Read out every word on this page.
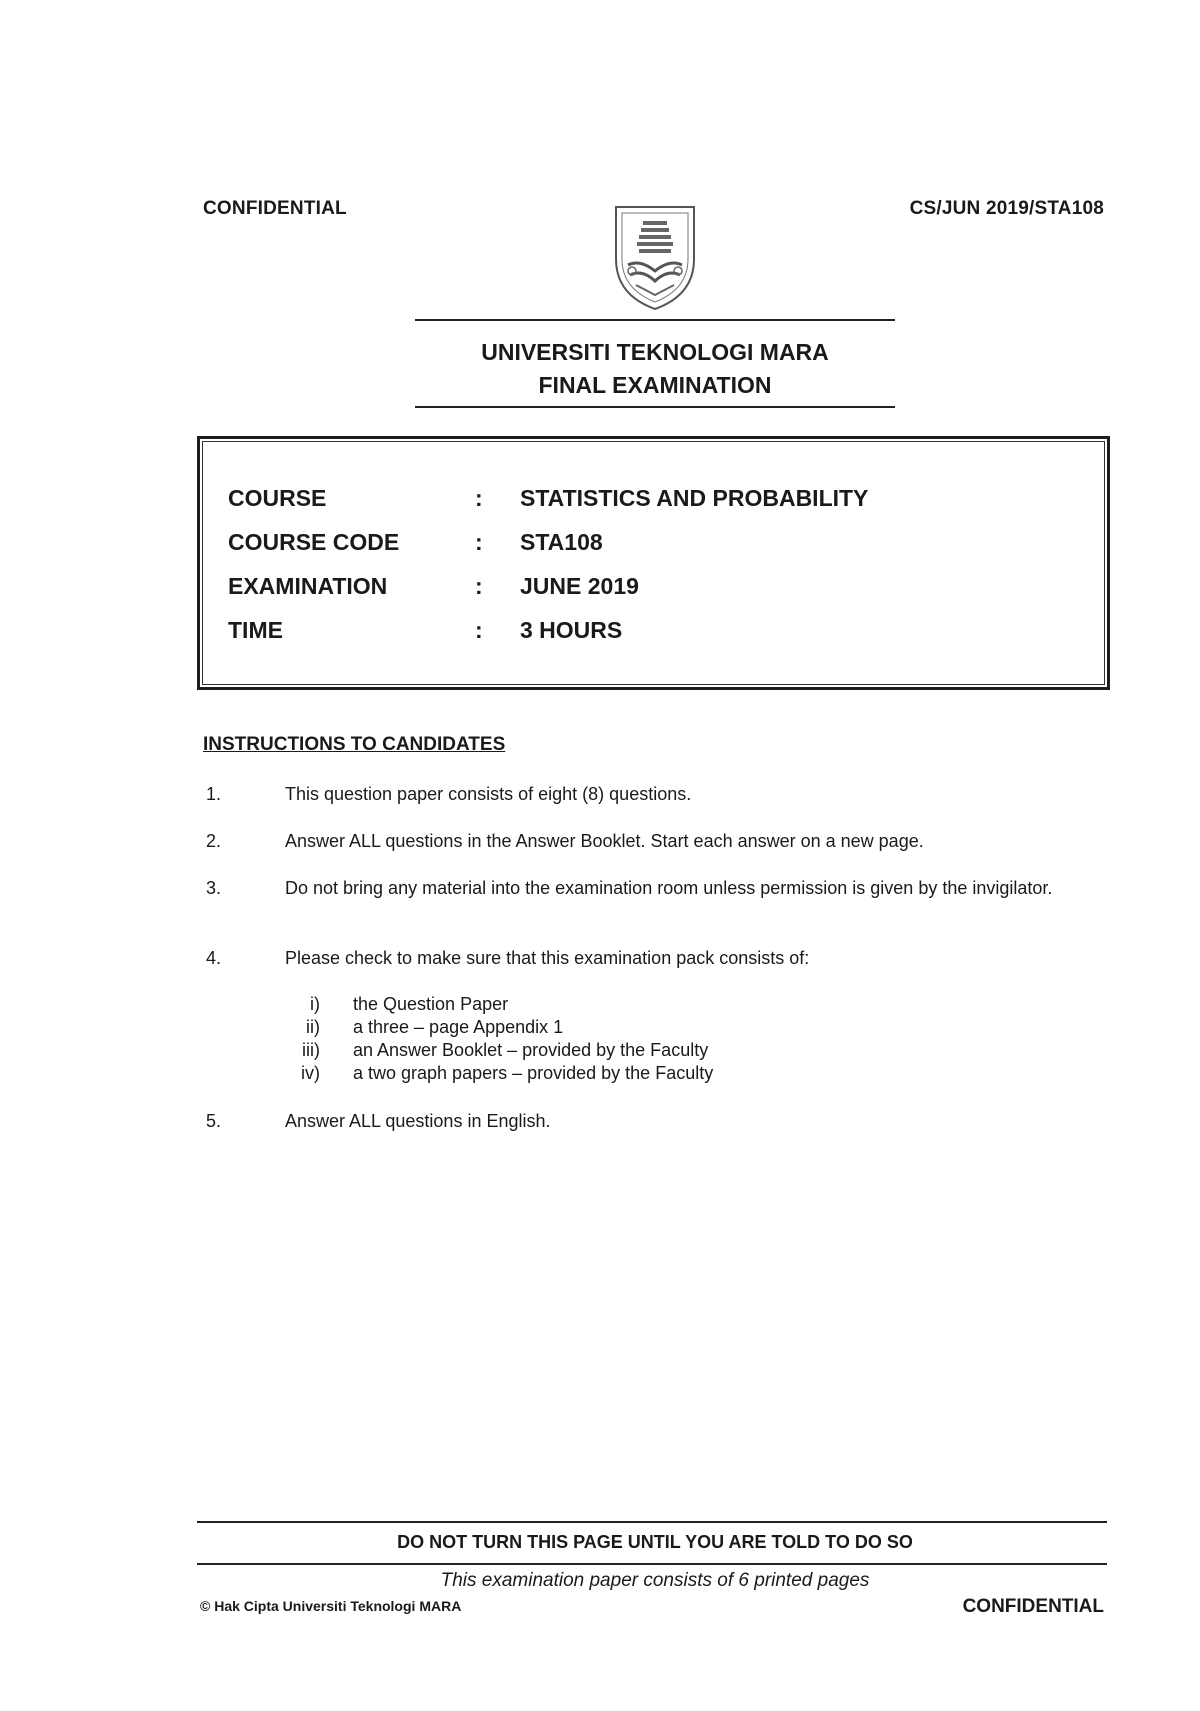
CONFIDENTIAL	CS/JUN 2019/STA108
UNIVERSITI TEKNOLOGI MARA
FINAL EXAMINATION
COURSE	: STATISTICS AND PROBABILITY
COURSE CODE	: STA108
EXAMINATION	: JUNE 2019
TIME	: 3 HOURS
INSTRUCTIONS TO CANDIDATES
1.	This question paper consists of eight (8) questions.
2.	Answer ALL questions in the Answer Booklet. Start each answer on a new page.
3.	Do not bring any material into the examination room unless permission is given by the invigilator.
4.	Please check to make sure that this examination pack consists of:
i) the Question Paper
ii) a three – page Appendix 1
iii) an Answer Booklet – provided by the Faculty
iv) a two graph papers – provided by the Faculty
5.	Answer ALL questions in English.
DO NOT TURN THIS PAGE UNTIL YOU ARE TOLD TO DO SO
This examination paper consists of 6 printed pages
© Hak Cipta Universiti Teknologi MARA	CONFIDENTIAL
